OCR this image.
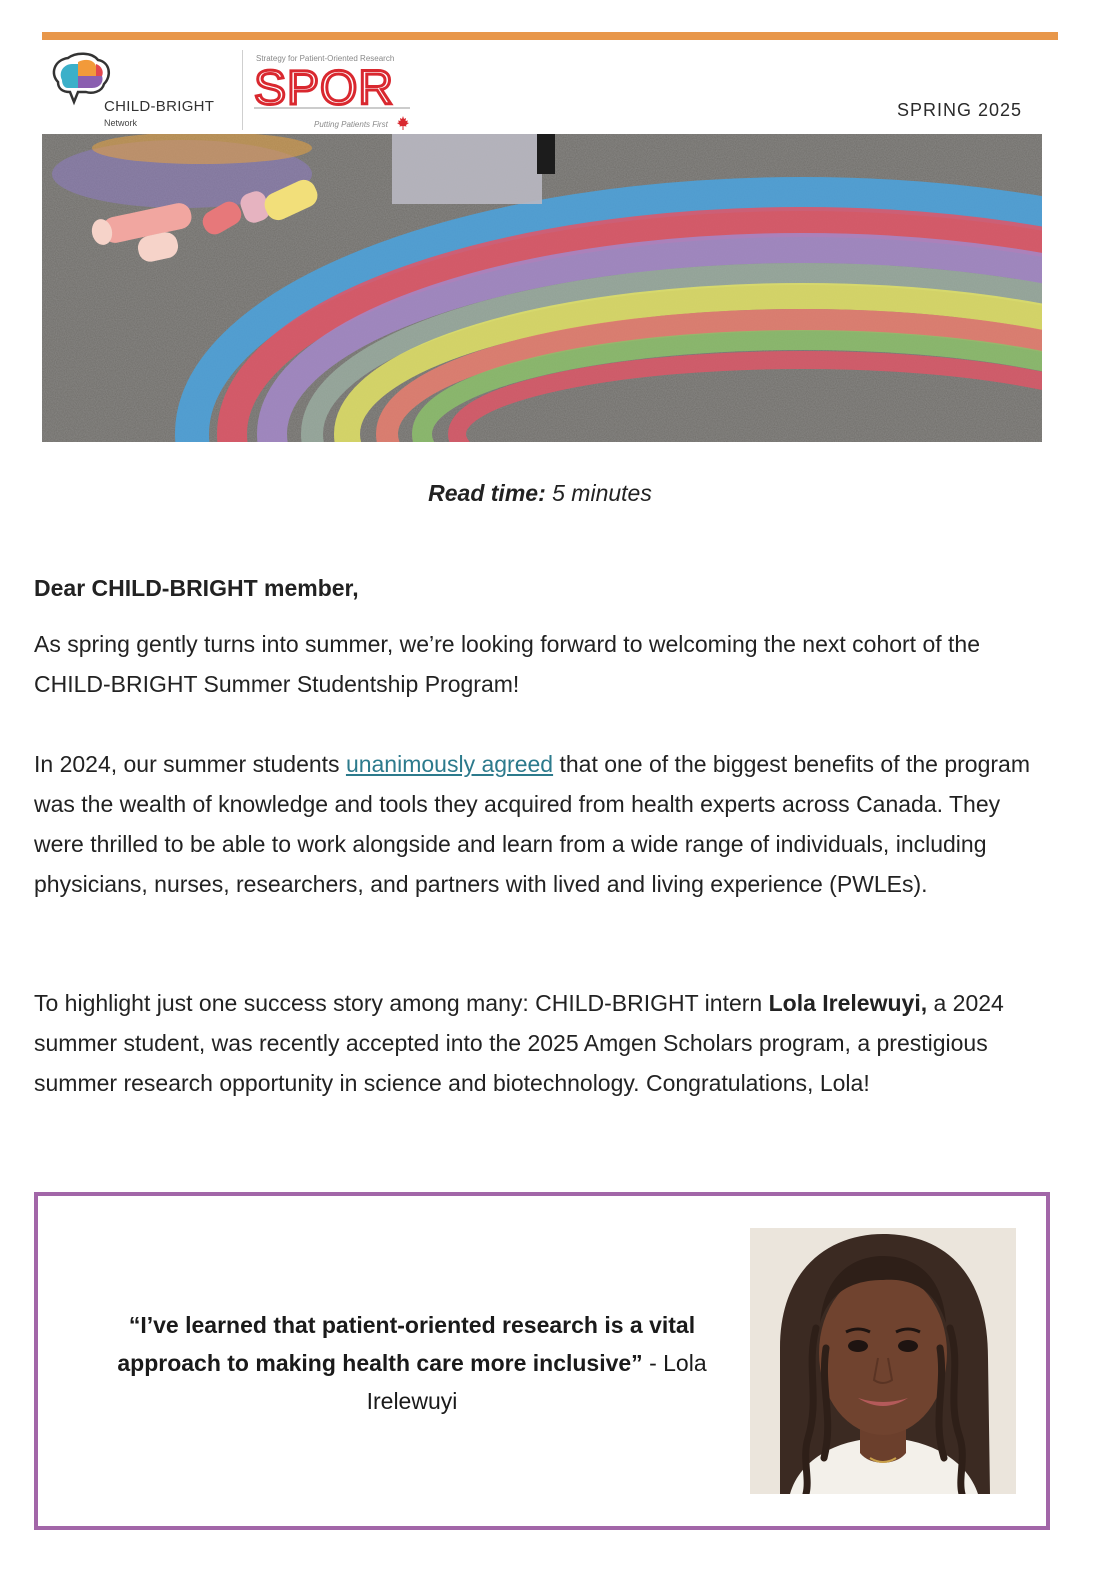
CHILD-BRIGHT
Network
Strategy for Patient-Oriented Research
SPOR
Putting Patients First
SPRING 2025
Read time: 5 minutes
Dear CHILD-BRIGHT member,
As spring gently turns into summer, we’re looking forward to welcoming the next cohort of the CHILD-BRIGHT Summer Studentship Program!
In 2024, our summer students unanimously agreed that one of the biggest benefits of the program was the wealth of knowledge and tools they acquired from health experts across Canada. They were thrilled to be able to work alongside and learn from a wide range of individuals, including physicians, nurses, researchers, and partners with lived and living experience (PWLEs).
To highlight just one success story among many: CHILD-BRIGHT intern Lola Irelewuyi, a 2024 summer student, was recently accepted into the 2025 Amgen Scholars program, a prestigious summer research opportunity in science and biotechnology. Congratulations, Lola!
“I’ve learned that patient-oriented research is a vital approach to making health care more inclusive” - Lola Irelewuyi
